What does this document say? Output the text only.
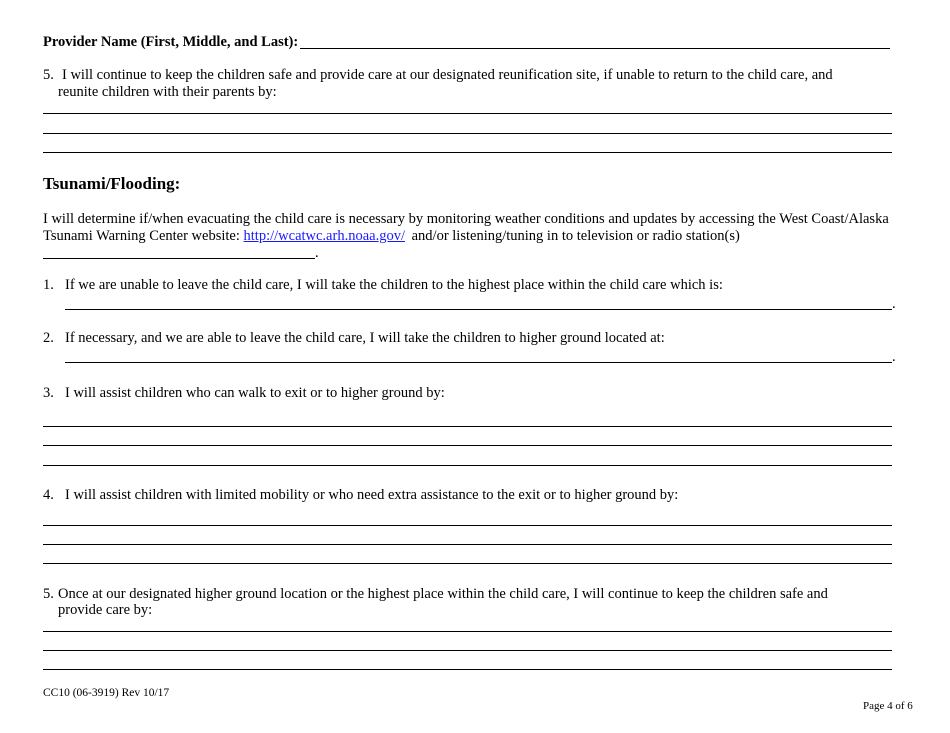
Provider Name (First, Middle, and Last):
5. I will continue to keep the children safe and provide care at our designated reunification site, if unable to return to the child care, and
reunite children with their parents by:
Tsunami/Flooding:
I will determine if/when evacuating the child care is necessary by monitoring weather conditions and updates by accessing the West Coast/Alaska
Tsunami Warning Center website: http://wcatwc.arh.noaa.gov/ and/or listening/tuning in to television or radio station(s)
.
1. If we are unable to leave the child care, I will take the children to the highest place within the child care which is:
.
2. If necessary, and we are able to leave the child care, I will take the children to higher ground located at:
.
3. I will assist children who can walk to exit or to higher ground by:
4. I will assist children with limited mobility or who need extra assistance to the exit or to higher ground by:
5. Once at our designated higher ground location or the highest place within the child care, I will continue to keep the children safe and
provide care by:
CC10 (06-3919) Rev 10/17
Page 4 of 6
